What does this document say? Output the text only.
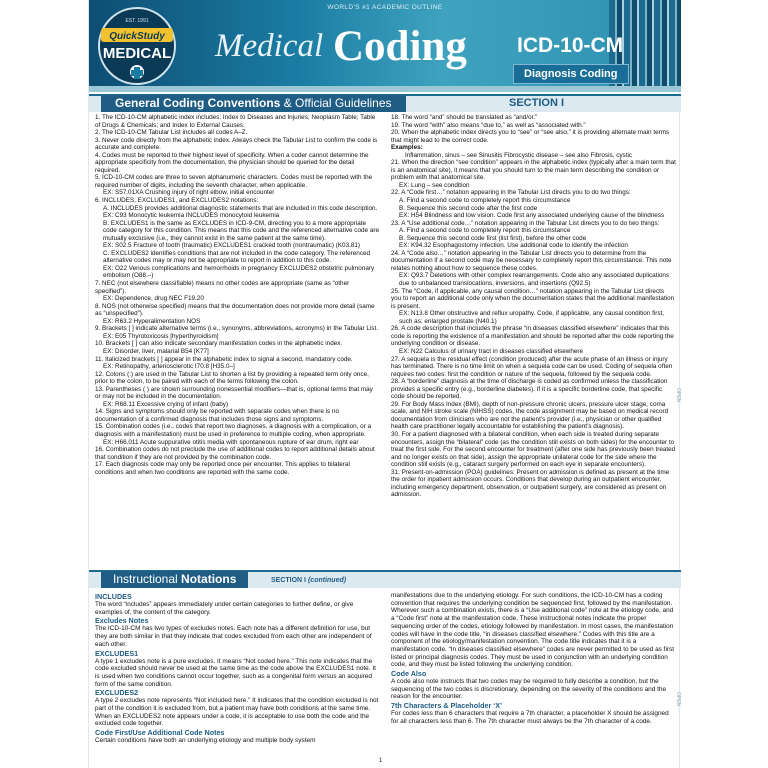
WORLD'S #1 ACADEMIC OUTLINE
QuickStudy
MEDICAL
EST. 1991
Medical Coding ICD-10-CM
Diagnosis Coding
General Coding Conventions & Official Guidelines	SECTION I

1. The ICD-10-CM alphabetic index includes: Index to Diseases and Injuries; Neoplasm Table; Table of Drugs & Chemicals; and Index to External Causes.

2. The ICD-10-CM Tabular List includes all codes A–Z.

3. Never code directly from the alphabetic index. Always check the Tabular List to confirm the code is accurate and complete.

4. Codes must be reported to their highest level of specificity. When a coder cannot determine the appropriate specificity from the documentation, the physician should be queried for the detail required.

5. ICD-10-CM codes are three to seven alphanumeric characters. Codes must be reported with the required number of digits, including the seventh character, when applicable.

EX: S57.01XA Crushing injury of right elbow, initial encounter

6. INCLUDES, EXCLUDES1, and EXCLUDES2 notations:

A. INCLUDES provides additional diagnostic statements that are included in this code description.

EX: C93 Monocytic leukemia INCLUDES monocytoid leukemia

B. EXCLUDES1 is the same as EXCLUDES in ICD-9-CM, directing you to a more appropriate code category for this condition. This means that this code and the referenced alternative code are mutually exclusive (i.e., they cannot exist in the same patient at the same time).

EX: S02.5 Fracture of tooth (traumatic) EXCLUDES1 cracked tooth (nontraumatic) (K03.81)

C. EXCLUDES2 identifies conditions that are not included in the code category. The referenced alternative codes may or may not be appropriate to report in addition to this code.

EX: O22 Venous complications and hemorrhoids in pregnancy EXCLUDES2 obstetric pulmonary embolism (O88.–)

7. NEC (not elsewhere classifiable) means no other codes are appropriate (same as “other specified”).

EX: Dependence, drug NEC F19.20

8. NOS (not otherwise specified) means that the documentation does not provide more detail (same as “unspecified”).

EX: R63.2 Hyperalimentation NOS

9. Brackets [ ] indicate alternative terms (i.e., synonyms, abbreviations, acronyms) in the Tabular List.

EX: E05 Thyrotoxicosis [hyperthyroidism]

10. Brackets [ ] can also indicate secondary manifestation codes in the alphabetic index.

EX: Disorder, liver, malarial B54 [K77]

11. Italicized brackets [ ] appear in the alphabetic index to signal a second, mandatory code.

EX: Retinopathy, arteriosclerotic I70.8 [H35.0–]

12. Colons (:) are used in the Tabular List to shorten a list by providing a repeated term only once, prior to the colon, to be paired with each of the terms following the colon.

13. Parentheses ( ) are shown surrounding nonessential modifiers—that is, optional terms that may or may not be included in the documentation.

EX: R68.11 Excessive crying of infant (baby)

14. Signs and symptoms should only be reported with separate codes when there is no documentation of a confirmed diagnosis that includes those signs and symptoms.

15. Combination codes (i.e., codes that report two diagnoses, a diagnosis with a complication, or a diagnosis with a manifestation) must be used in preference to multiple coding, when appropriate.

EX: H66.011 Acute suppurative otitis media with spontaneous rupture of ear drum, right ear

16. Combination codes do not preclude the use of additional codes to report additional details about that condition if they are not provided by the combination code.

17. Each diagnosis code may only be reported once per encounter. This applies to bilateral conditions and when two conditions are reported with the same code.

18. The word “and” should be translated as “and/or.”

19. The word “with” also means “due to,” as well as “associated with.”

20. When the alphabetic index directs you to “see” or “see also,” it is providing alternate main terms that might lead to the correct code.

Examples:

Inflammation, sinus – see Sinusitis Fibrocystic disease – see also Fibrosis, cystic

21. When the direction “see condition” appears in the alphabetic index (typically after a main term that is an anatomical site), it means that you should turn to the main term describing the condition or problem with that anatomical site.

EX: Lung – see condition

22. A “Code first…” notation appearing in the Tabular List directs you to do two things:

A. Find a second code to completely report this circumstance

B. Sequence this second code after the first code

EX: H54 Blindness and low vision. Code first any associated underlying cause of the blindness

23. A “Use additional code…” notation appearing in the Tabular List directs you to do two things:

A. Find a second code to completely report this circumstance

B. Sequence this second code first (list first), before the other code

EX: K94.32 Esophagostomy infection. Use additional code to identify the infection

24. A “Code also…” notation appearing in the Tabular List directs you to determine from the documentation if a second code may be necessary to completely report this circumstance. This note relates nothing about how to sequence these codes.

EX: Q93.7 Deletions with other complex rearrangements. Code also any associated duplications due to unbalanced translocations, inversions, and insertions (Q92.5)

25. The “Code, if applicable, any causal condition…” notation appearing in the Tabular List directs you to report an additional code only when the documentation states that the additional manifestation is present.

EX: N13.8 Other obstructive and reflux uropathy. Code, if applicable, any causal condition first, such as: enlarged prostate (N40.1)

26. A code description that includes the phrase “in diseases classified elsewhere” indicates that this code is reporting the existence of a manifestation and should be reported after the code reporting the underlying condition or disease.

EX: N22 Calculus of urinary tract in diseases classified elsewhere

27. A sequela is the residual effect (condition produced) after the acute phase of an illness or injury has terminated. There is no time limit on when a sequela code can be used. Coding of sequela often requires two codes: first the condition or nature of the sequela, followed by the sequela code.

28. A “borderline” diagnosis at the time of discharge is coded as confirmed unless the classification provides a specific entry (e.g., borderline diabetes). If it is a specific borderline code, that specific code should be reported.

29. For Body Mass Index (BMI), depth of non-pressure chronic ulcers, pressure ulcer stage, coma scale, and NIH stroke scale (NIHSS) codes, the code assignment may be based on medical record documentation from clinicians who are not the patient’s provider (i.e., physician or other qualified health care practitioner legally accountable for establishing the patient’s diagnosis).

30. For a patient diagnosed with a bilateral condition, when each side is treated during separate encounters, assign the “bilateral” code (as the condition still exists on both sides) for the encounter to treat the first side. For the second encounter for treatment (after one side has previously been treated and no longer exists on that side), assign the appropriate unilateral code for the side where the condition still exists (e.g., cataract surgery performed on each eye in separate encounters).

31. Present-on-admission (POA) guidelines: Present on admission is defined as present at the time the order for inpatient admission occurs. Conditions that develop during an outpatient encounter, including emergency department, observation, or outpatient surgery, are considered as present on admission.

OPEN
Instructional Notations	SECTION I (continued)

INCLUDES

The word “includes” appears immediately under certain categories to further define, or give examples of, the content of the category.

Excludes Notes

The ICD-10-CM has two types of excludes notes. Each note has a different definition for use, but they are both similar in that they indicate that codes excluded from each other are independent of each other.

EXCLUDES1

A type 1 excludes note is a pure excludes. It means “Not coded here.” This note indicates that the code excluded should never be used at the same time as the code above the EXCLUDES1 note. It is used when two conditions cannot occur together, such as a congenital form versus an acquired form of the same condition.

EXCLUDES2

A type 2 excludes note represents “Not included here.” It indicates that the condition excluded is not part of the condition it is excluded from, but a patient may have both conditions at the same time. When an EXCLUDES2 note appears under a code, it is acceptable to use both the code and the excluded code together.

Code First/Use Additional Code Notes

Certain conditions have both an underlying etiology and multiple body system

manifestations due to the underlying etiology. For such conditions, the ICD-10-CM has a coding convention that requires the underlying condition be sequenced first, followed by the manifestation. Wherever such a combination exists, there is a “Use additional code” note at the etiology code, and a “Code first” note at the manifestation code. These instructional notes indicate the proper sequencing order of the codes, etiology followed by manifestation. In most cases, the manifestation codes will have in the code title, “in diseases classified elsewhere.” Codes with this title are a component of the etiology/manifestation convention. The code title indicates that it is a manifestation code. “In diseases classified elsewhere” codes are never permitted to be used as first listed or principal diagnosis codes. They must be used in conjunction with an underlying condition code, and they must be listed following the underlying condition.

Code Also

A code also note instructs that two codes may be required to fully describe a condition, but the sequencing of the two codes is discretionary, depending on the severity of the conditions and the reason for the encounter.

7th Characters & Placeholder ‘X’

For codes less than 6 characters that require a 7th character, a placeholder X should be assigned for all characters less than 6. The 7th character must always be the 7th character of a code.

OPEN
1
